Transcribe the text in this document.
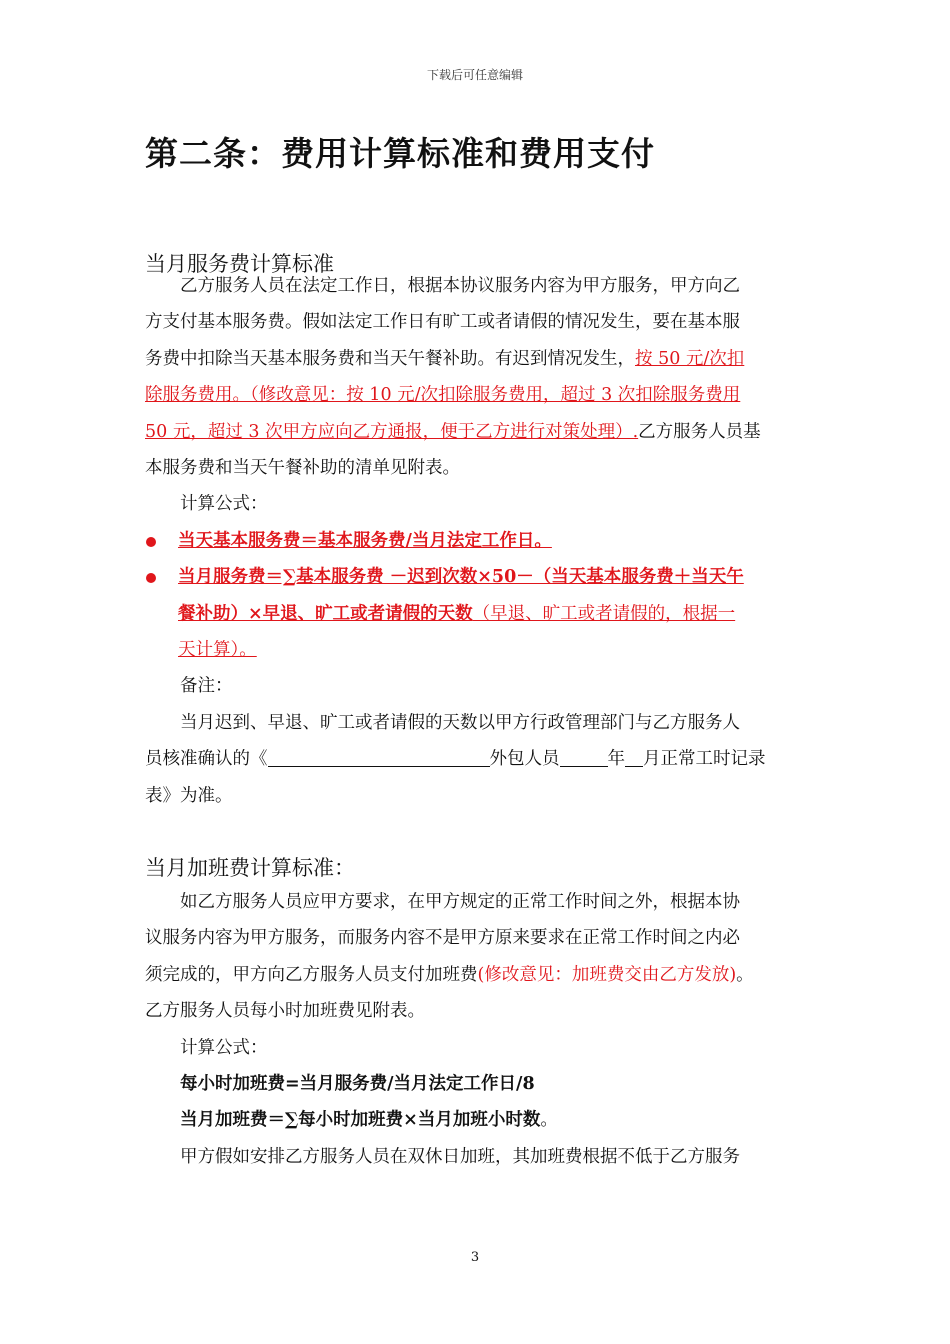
下载后可任意编辑
第二条：费用计算标准和费用支付
当月服务费计算标准

乙方服务人员在法定工作日，根据本协议服务内容为甲方服务，甲方向乙

方支付基本服务费。假如法定工作日有旷工或者请假的情况发生，要在基本服

务费中扣除当天基本服务费和当天午餐补助。有迟到情况发生，按 50 元/次扣

除服务费用。（修改意见：按 10 元/次扣除服务费用，超过 3 次扣除服务费用

50 元，超过 3 次甲方应向乙方通报，便于乙方进行对策处理）.乙方服务人员基

本服务费和当天午餐补助的清单见附表。

计算公式：

当天基本服务费＝基本服务费/当月法定工作日。

当月服务费＝∑基本服务费 －迟到次数×50－（当天基本服务费＋当天午

餐补助）×早退、旷工或者请假的天数（早退、旷工或者请假的，根据一

天计算）。

备注：

当月迟到、早退、旷工或者请假的天数以甲方行政管理部门与乙方服务人

员核准确认的《	外包人员	年 月正常工时记录

表》为准。

当月加班费计算标准：

如乙方服务人员应甲方要求，在甲方规定的正常工作时间之外，根据本协

议服务内容为甲方服务，而服务内容不是甲方原来要求在正常工作时间之内必

须完成的，甲方向乙方服务人员支付加班费(修改意见：加班费交由乙方发放)。

乙方服务人员每小时加班费见附表。

计算公式：

每小时加班费=当月服务费/当月法定工作日/8

当月加班费＝∑每小时加班费×当月加班小时数。

甲方假如安排乙方服务人员在双休日加班，其加班费根据不低于乙方服务

3
